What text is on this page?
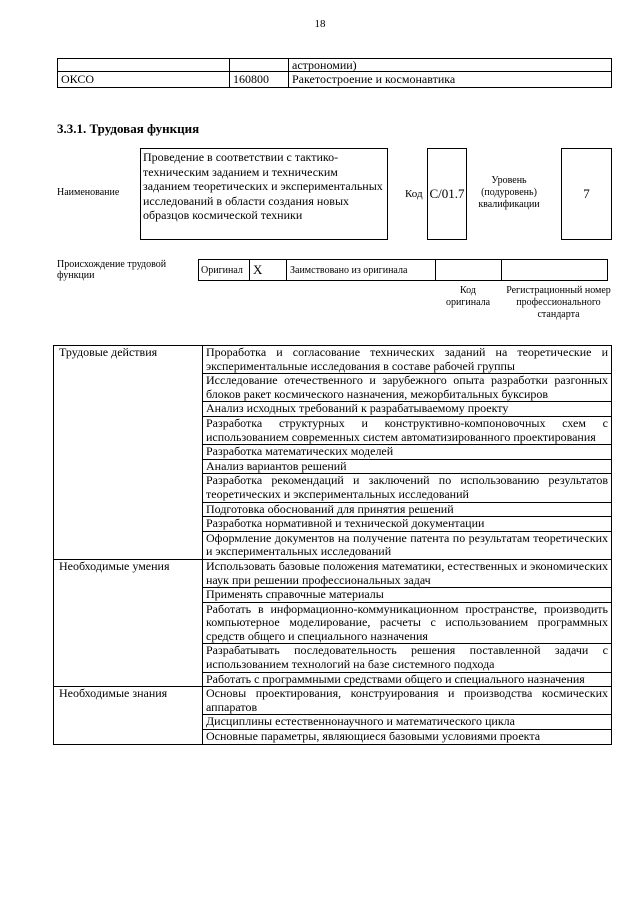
18
		астрономии)
ОКСО	160800	Ракетостроение и космонавтика
3.3.1. Трудовая функция
Наименование
Проведение в соответствии с тактико-техническим заданием и техническим заданием теоретических и экспериментальных исследований в области создания новых образцов космической техники
Код C/01.7
Уровень (подуровень) квалификации
7
Происхождение трудовой функции	Оригинал X	Заимствовано из оригинала
Код оригинала
Регистрационный номер профессионального стандарта
Трудовые действия	Проработка и согласование технических заданий на теоретические и экспериментальные исследования в составе рабочей группы
	Исследование отечественного и зарубежного опыта разработки разгонных блоков ракет космического назначения, межорбитальных буксиров
	Анализ исходных требований к разрабатываемому проекту
	Разработка структурных и конструктивно-компоновочных схем с использованием современных систем автоматизированного проектирования
	Разработка математических моделей
	Анализ вариантов решений
	Разработка рекомендаций и заключений по использованию результатов теоретических и экспериментальных исследований
	Подготовка обоснований для принятия решений
	Разработка нормативной и технической документации
	Оформление документов на получение патента по результатам теоретических и экспериментальных исследований
Необходимые умения	Использовать базовые положения математики, естественных и экономических наук при решении профессиональных задач
	Применять справочные материалы
	Работать в информационно-коммуникационном пространстве, производить компьютерное моделирование, расчеты с использованием программных средств общего и специального назначения
	Разрабатывать последовательность решения поставленной задачи с использованием технологий на базе системного подхода
	Работать с программными средствами общего и специального назначения
Необходимые знания	Основы проектирования, конструирования и производства космических аппаратов
	Дисциплины естественнонаучного и математического цикла
	Основные параметры, являющиеся базовыми условиями проекта
